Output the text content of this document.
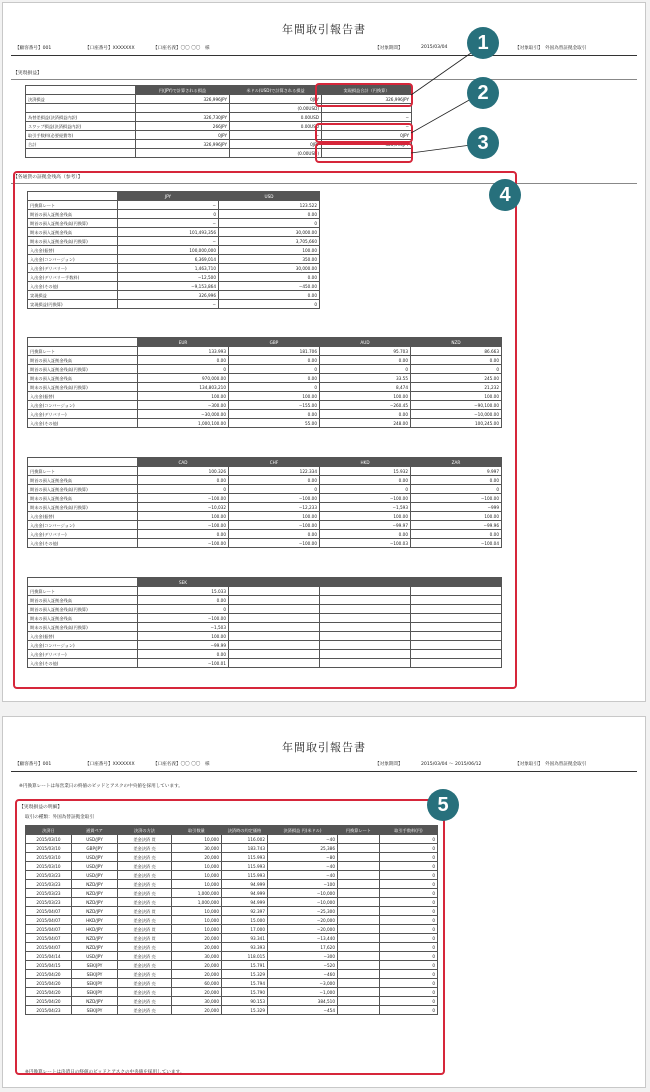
年間取引報告書
【顧客番号】001	【口座番号】XXXXXXX	【口座名義】〇〇 〇〇　様	【対象期間】	2015/03/04	【対象取引】 外国為替証拠金取引
【実現損益】
	円(JPY)で計算される損益	米ドル(USD)で計算される損益	実現損益合計（円換算）
決済損益	326,996JPY	0JPY	326,996JPY
		(0.00USD)	
為替差損益(決済損益内訳)	326,730JPY	0.00USD	−
スワップ損益(決済損益内訳)	266JPY	0.00USD	−
取引手数料(必要経費等)	0JPY	−	0JPY
合計	326,996JPY	0JPY	326,996JPY
		(0.00USD)	
【各通貨の証拠金残高（参考）】
	JPY	USD
円換算レート	−	123.522
期首の預入証拠金残高	0	0.00
期首の預入証拠金残高(円換算)	−	0
期末の預入証拠金残高	101,493,356	30,000.00
期末の預入証拠金残高(円換算)	−	3,705,660
入出金(振替)	100,000,000	100.00
入出金(コンバージョン)	6,369,014	350.00
入出金(デリバリー)	1,463,710	30,000.00
入出金(デリバリー手数料)	−12,500	0.00
入出金(その他)	−9,153,864	−450.00
実現損益	326,996	0.00
実現損益(円換算)	−	0
	EUR	GBP	AUD	NZD
円換算レート	133.993	181.706	95.703	86.663
期首の預入証拠金残高	0.00	0.00	0.00	0.00
期首の預入証拠金残高(円換算)	0	0	0	0
期末の預入証拠金残高	970,000.00	0.00	33.55	245.00
期末の預入証拠金残高(円換算)	134,803,210	0	8,474	21,232
入出金(振替)	100.00	100.00	100.00	100.00
入出金(コンバージョン)	−300.00	−155.00	−260.45	−90,100.00
入出金(デリバリー)	−30,000.00	0.00	0.00	−10,000.00
入出金(その他)	1,000,100.00	55.00	248.00	100,245.00
	CAD	CHF	HKD	ZAR
円換算レート	100.326	122.334	15.932	9.997
期首の預入証拠金残高	0.00	0.00	0.00	0.00
期首の預入証拠金残高(円換算)	0	0	0	0
期末の預入証拠金残高	−100.00	−100.00	−100.00	−100.00
期末の預入証拠金残高(円換算)	−10,032	−12,233	−1,593	−999
入出金(振替)	100.00	100.00	100.00	100.00
入出金(コンバージョン)	−100.00	−100.00	−99.97	−99.96
入出金(デリバリー)	0.00	0.00	0.00	0.00
入出金(その他)	−100.00	−100.00	−100.03	−100.04
	SEK			
円換算レート	15.033			
期首の預入証拠金残高	0.00			
期首の預入証拠金残高(円換算)	0			
期末の預入証拠金残高	−100.00			
期末の預入証拠金残高(円換算)	−1,503			
入出金(振替)	100.00			
入出金(コンバージョン)	−99.99			
入出金(デリバリー)	0.00			
入出金(その他)	−100.01			
1
2
3
4
年間取引報告書
【顧客番号】001	【口座番号】XXXXXXX	【口座名義】〇〇 〇〇　様	【対象期間】	2015/03/04 〜 2015/06/12	【対象取引】 外国為替証拠金取引
※円換算レートは毎営業日の終値のビッドとアスクの中央値を採用しています。
【実現損益の明細】
取引の種類：外国為替証拠金取引
決済日	通貨ペア	決済の方法	取引数量	決済時の約定価格	決済損益 円(米ドル)	円換算レート	取引手数料(円)
2015/03/10	USD/JPY	差金決済 買	10,000	116.002	−40		0
2015/03/10	GBP/JPY	差金決済 売	30,000	183.743	25,386		0
2015/03/10	USD/JPY	差金決済 売	20,000	115.993	−80		0
2015/03/10	USD/JPY	差金決済 売	10,000	115.993	−40		0
2015/03/23	USD/JPY	差金決済 売	10,000	115.993	−40		0
2015/03/23	NZD/JPY	差金決済 売	10,000	94.999	−100		0
2015/03/23	NZD/JPY	差金決済 売	1,000,000	94.999	−10,000		0
2015/03/23	NZD/JPY	差金決済 売	1,000,000	94.999	−10,000		0
2015/04/07	NZD/JPY	差金決済 買	10,000	92.397	−25,300		0
2015/04/07	HKD/JPY	差金決済 売	10,000	15.000	−20,000		0
2015/04/07	HKD/JPY	差金決済 買	10,000	17.000	−20,000		0
2015/04/07	NZD/JPY	差金決済 買	20,000	93.341	−13,440		0
2015/04/07	NZD/JPY	差金決済 売	20,000	93.393	17,620		0
2015/04/14	USD/JPY	差金決済 売	30,000	118.015	−300		0
2015/04/15	SEK/JPY	差金決済 売	20,000	15.791	−520		0
2015/04/20	SEK/JPY	差金決済 売	20,000	15.329	−460		0
2015/04/20	SEK/JPY	差金決済 売	60,000	15.794	−3,000		0
2015/04/20	SEK/JPY	差金決済 売	20,000	15.790	−1,000		0
2015/04/20	NZD/JPY	差金決済 売	30,000	90.153	384,510		0
2015/04/23	SEK/JPY	差金決済 売	20,000	15.329	−454		0
※円換算レートは決済日の終値のビッドとアスクの中央値を採用しています。
5
